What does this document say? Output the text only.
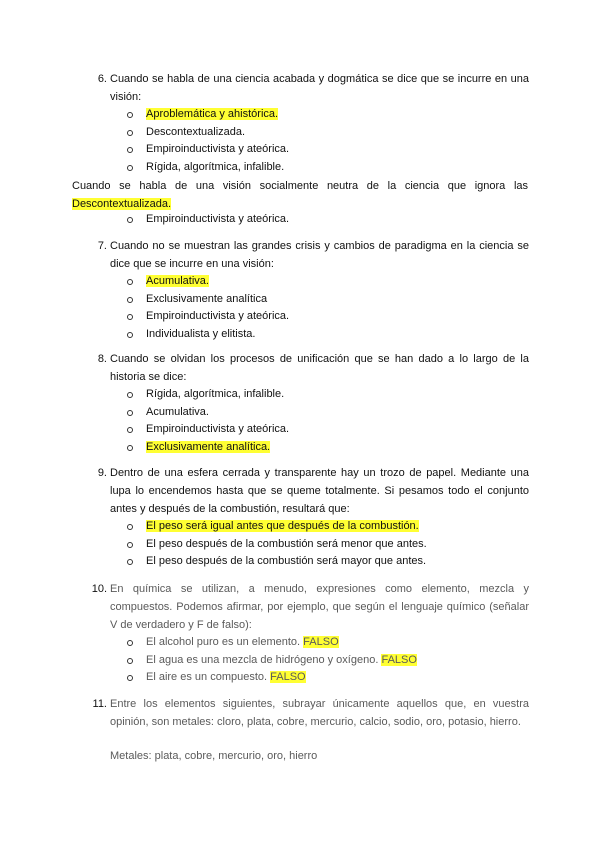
6. Cuando se habla de una ciencia acabada y dogmática se dice que se incurre en una visión:
Aproblemática y ahistórica.
Descontextualizada.
Empiroinductivista y ateórica.
Rígida, algorítmica, infalible.
Cuando se habla de una visión socialmente neutra de la ciencia que ignora las Descontextualizada.
Empiroinductivista y ateórica.
7. Cuando no se muestran las grandes crisis y cambios de paradigma en la ciencia se dice que se incurre en una visión:
Acumulativa.
Exclusivamente analítica
Empiroinductivista y ateórica.
Individualista y elitista.
8. Cuando se olvidan los procesos de unificación que se han dado a lo largo de la historia se dice:
Rígida, algorítmica, infalible.
Acumulativa.
Empiroinductivista y ateórica.
Exclusivamente analítica.
9. Dentro de una esfera cerrada y transparente hay un trozo de papel. Mediante una lupa lo encendemos hasta que se queme totalmente. Si pesamos todo el conjunto antes y después de la combustión, resultará que:
El peso será igual antes que después de la combustión.
El peso después de la combustión será menor que antes.
El peso después de la combustión será mayor que antes.
10. En química se utilizan, a menudo, expresiones como elemento, mezcla y compuestos. Podemos afirmar, por ejemplo, que según el lenguaje químico (señalar V de verdadero y F de falso):
El alcohol puro es un elemento. FALSO
El agua es una mezcla de hidrógeno y oxígeno. FALSO
El aire es un compuesto. FALSO
11. Entre los elementos siguientes, subrayar únicamente aquellos que, en vuestra opinión, son metales: cloro, plata, cobre, mercurio, calcio, sodio, oro, potasio, hierro.
Metales: plata, cobre, mercurio, oro, hierro
